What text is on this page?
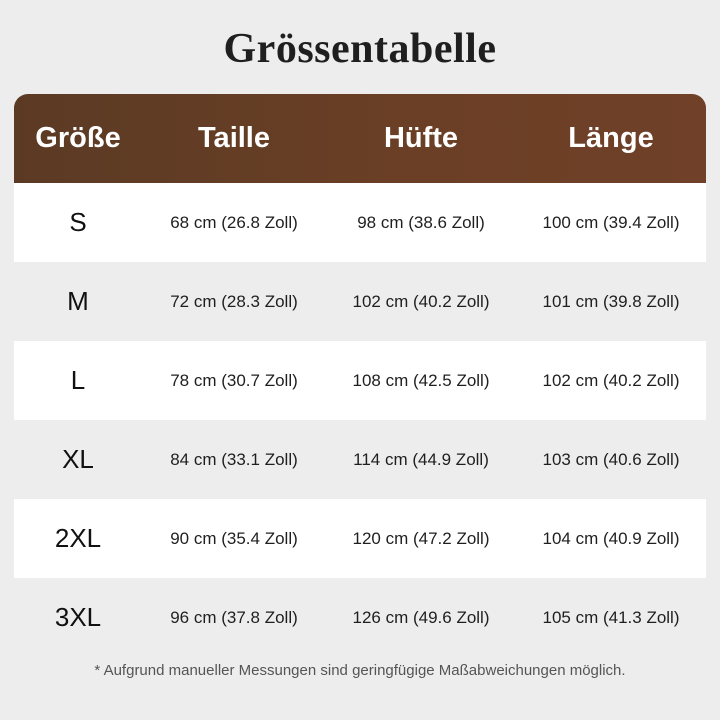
Grössentabelle
Größe	Taille	Hüfte	Länge
S	68 cm (26.8 Zoll)	98 cm (38.6 Zoll)	100 cm (39.4 Zoll)
M	72 cm (28.3 Zoll)	102 cm (40.2 Zoll)	101 cm (39.8 Zoll)
L	78 cm (30.7 Zoll)	108 cm (42.5 Zoll)	102 cm (40.2 Zoll)
XL	84 cm (33.1 Zoll)	114 cm (44.9 Zoll)	103 cm (40.6 Zoll)
2XL	90 cm (35.4 Zoll)	120 cm (47.2 Zoll)	104 cm (40.9 Zoll)
3XL	96 cm (37.8 Zoll)	126 cm (49.6 Zoll)	105 cm (41.3 Zoll)
* Aufgrund manueller Messungen sind geringfügige Maßabweichungen möglich.
